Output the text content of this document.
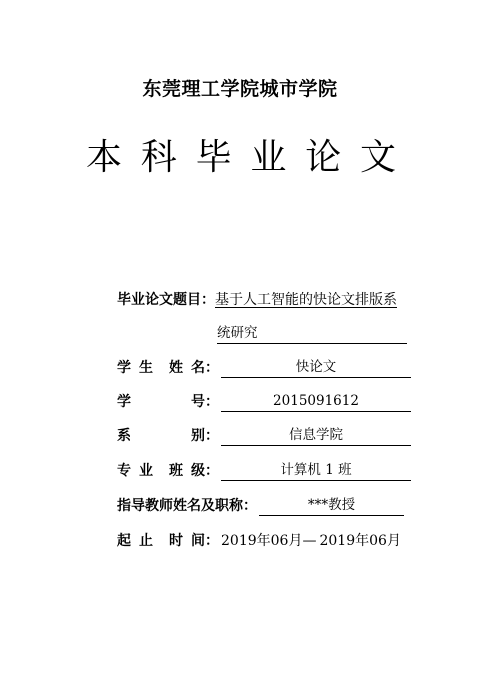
东莞理工学院城市学院
本 科 毕 业 论 文
毕业论文题目： 基于人工智能的快论文排版系
统研究
学 生 姓 名 ：	快论文
学	号 ：	2015091612
系	别 ：	信息学院
专 业 班 级 ：	计算机 1 班
指导教师姓名及职称：	***教授
起 止 时 间 ： 2019年06月— 2019年06月
